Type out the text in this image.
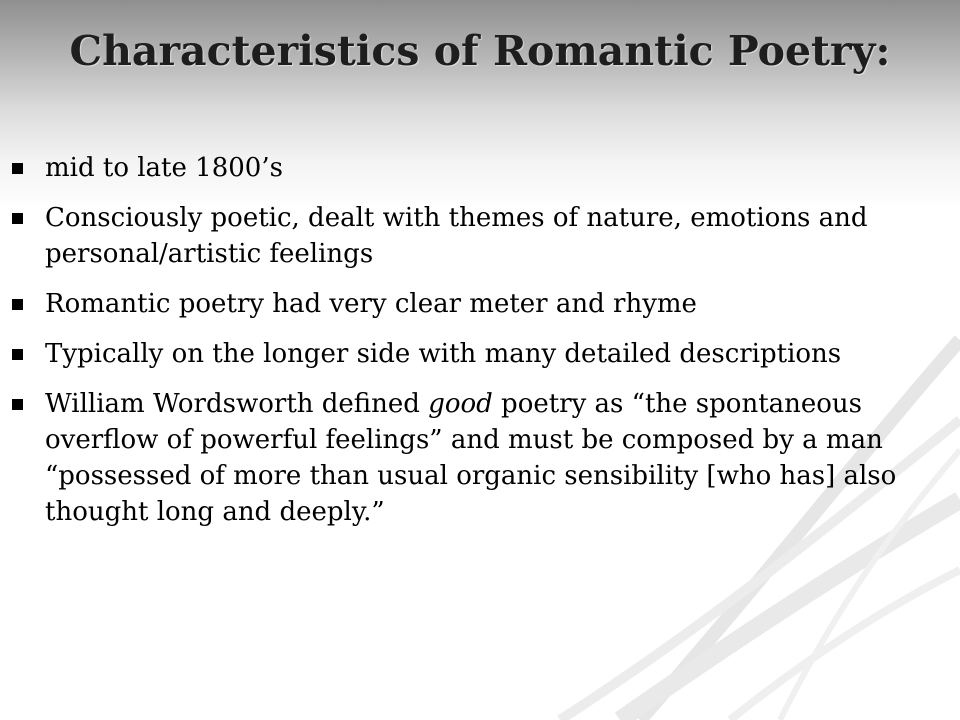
Characteristics of Romantic Poetry:
mid to late 1800’s
Consciously poetic, dealt with themes of nature, emotions and personal/artistic feelings
Romantic poetry had very clear meter and rhyme
Typically on the longer side with many detailed descriptions
William Wordsworth defined good poetry as “the spontaneous overflow of powerful feelings” and must be composed by a man “possessed of more than usual organic sensibility [who has] also thought long and deeply.”
